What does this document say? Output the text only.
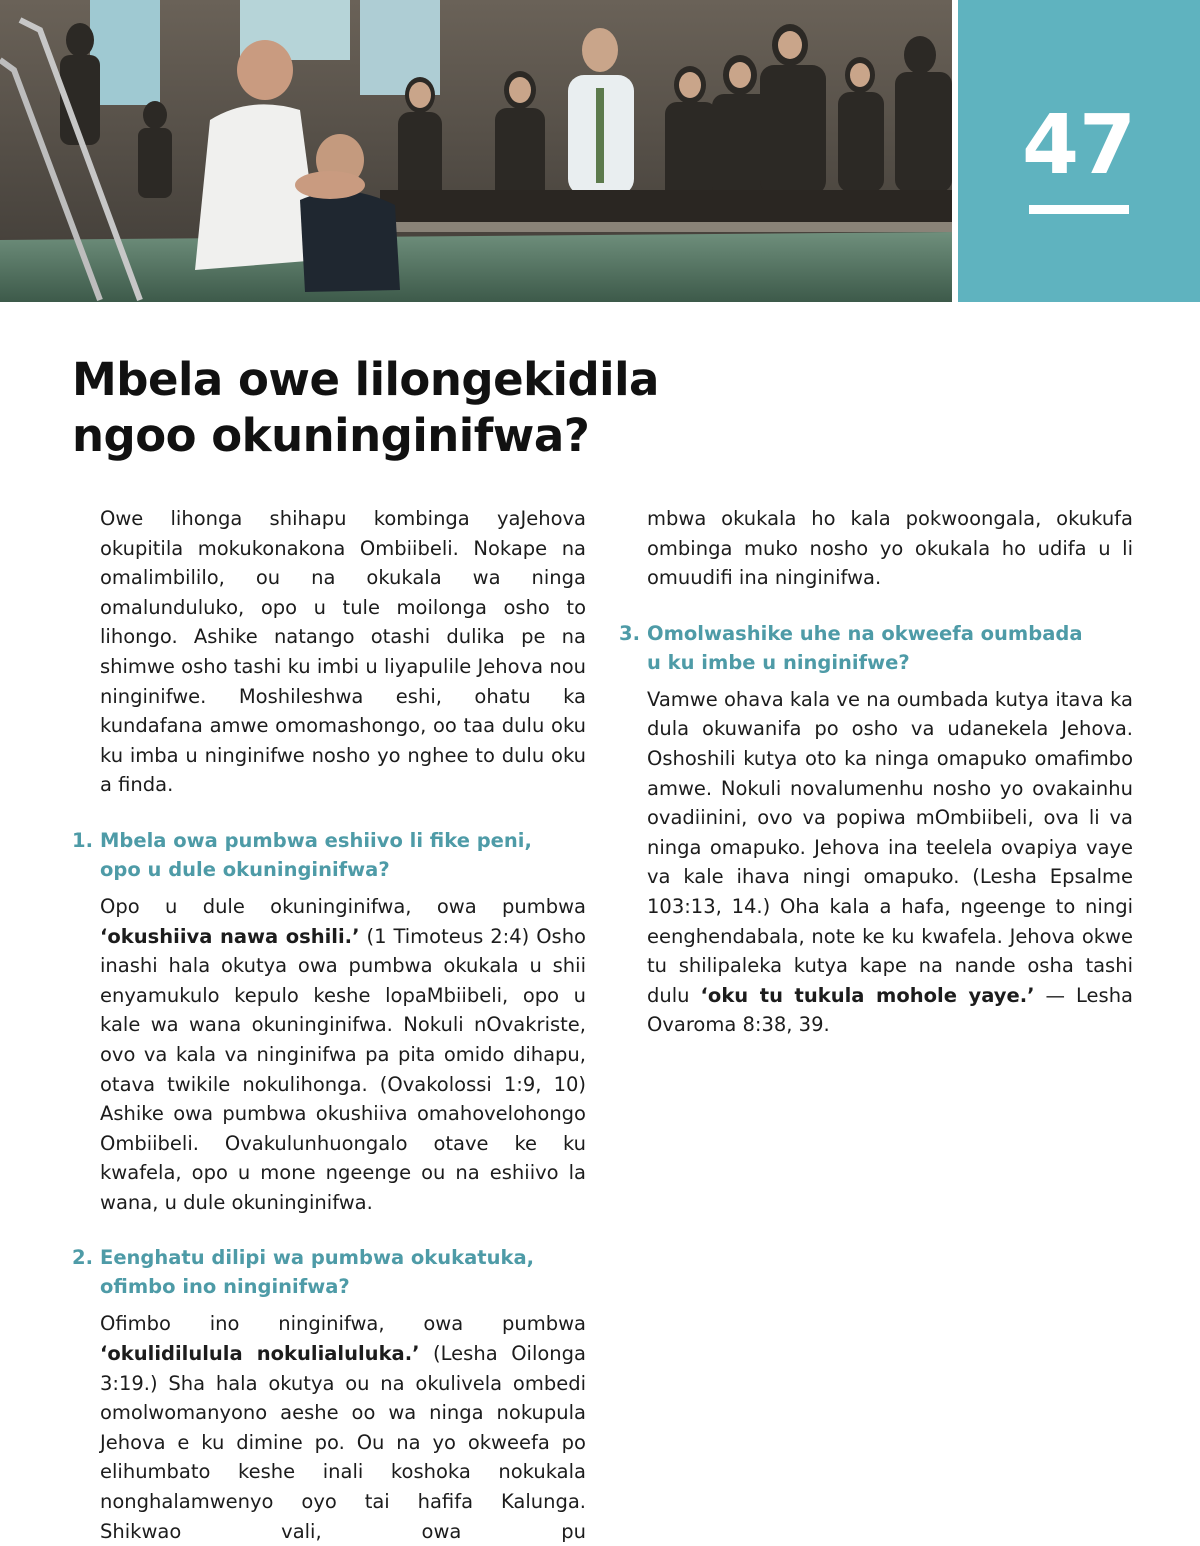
47
Mbela owe lilongekidila
ngoo okuninginifwa?

Owe lihonga shihapu kombinga yaJehova okupitila mokukonakona Ombiibeli. Nokape na omalimbililo, ou na okukala wa ninga omalunduluko, opo u tule moilonga osho to lihongo. Ashike natango otashi dulika pe na shimwe osho tashi ku imbi u liyapulile Jehova nou ninginifwe. Moshileshwa eshi, ohatu ka kundafana amwe omomashongo, oo taa dulu oku ku imba u ninginifwe nosho yo nghee to dulu oku a finda.

1. Mbela owa pumbwa eshiivo li fike peni,
opo u dule okuninginifwa?

Opo u dule okuninginifwa, owa pumbwa ‘okushiiva nawa oshili.’ (1 Timoteus 2:4) Osho inashi hala okutya owa pumbwa okukala u shii enyamukulo kepulo keshe lopaMbiibeli, opo u kale wa wana okuninginifwa. Nokuli nOvakriste, ovo va kala va ninginifwa pa pita omido dihapu, otava twikile nokulihonga. (Ovakolossi 1:9, 10) Ashike owa pumbwa okushiiva omahovelohongo Ombiibeli. Ovakulunhuongalo otave ke ku kwafela, opo u mone ngeenge ou na eshiivo la wana, u dule okuninginifwa.

2. Eenghatu dilipi wa pumbwa okukatuka,
ofimbo ino ninginifwa?

Ofimbo ino ninginifwa, owa pumbwa ‘okulidilulula nokulialuluka.’ (Lesha Oilonga 3:19.) Sha hala okutya ou na okulivela ombedi omolwomanyono aeshe oo wa ninga nokupula Jehova e ku dimine po. Ou na yo okweefa po elihumbato keshe inali koshoka nokukala nonghalamwenyo oyo tai hafifa Kalunga. Shikwao vali, owa pu

mbwa okukala ho kala pokwoongala, okukufa ombinga muko nosho yo okukala ho udifa u li omuudifi ina ninginifwa.

3. Omolwashike uhe na okweefa oumbada
u ku imbe u ninginifwe?

Vamwe ohava kala ve na oumbada kutya itava ka dula okuwanifa po osho va udanekela Jehova. Oshoshili kutya oto ka ninga omapuko omafimbo amwe. Nokuli novalumenhu nosho yo ovakainhu ovadiinini, ovo va popiwa mOmbiibeli, ova li va ninga omapuko. Jehova ina teelela ovapiya vaye va kale ihava ningi omapuko. (Lesha Epsalme 103:13, 14.) Oha kala a hafa, ngeenge to ningi eenghendabala, note ke ku kwafela. Jehova okwe tu shilipaleka kutya kape na nande osha tashi dulu ‘oku tu tukula mohole yaye.’ — Lesha Ovaroma 8:38, 39.
